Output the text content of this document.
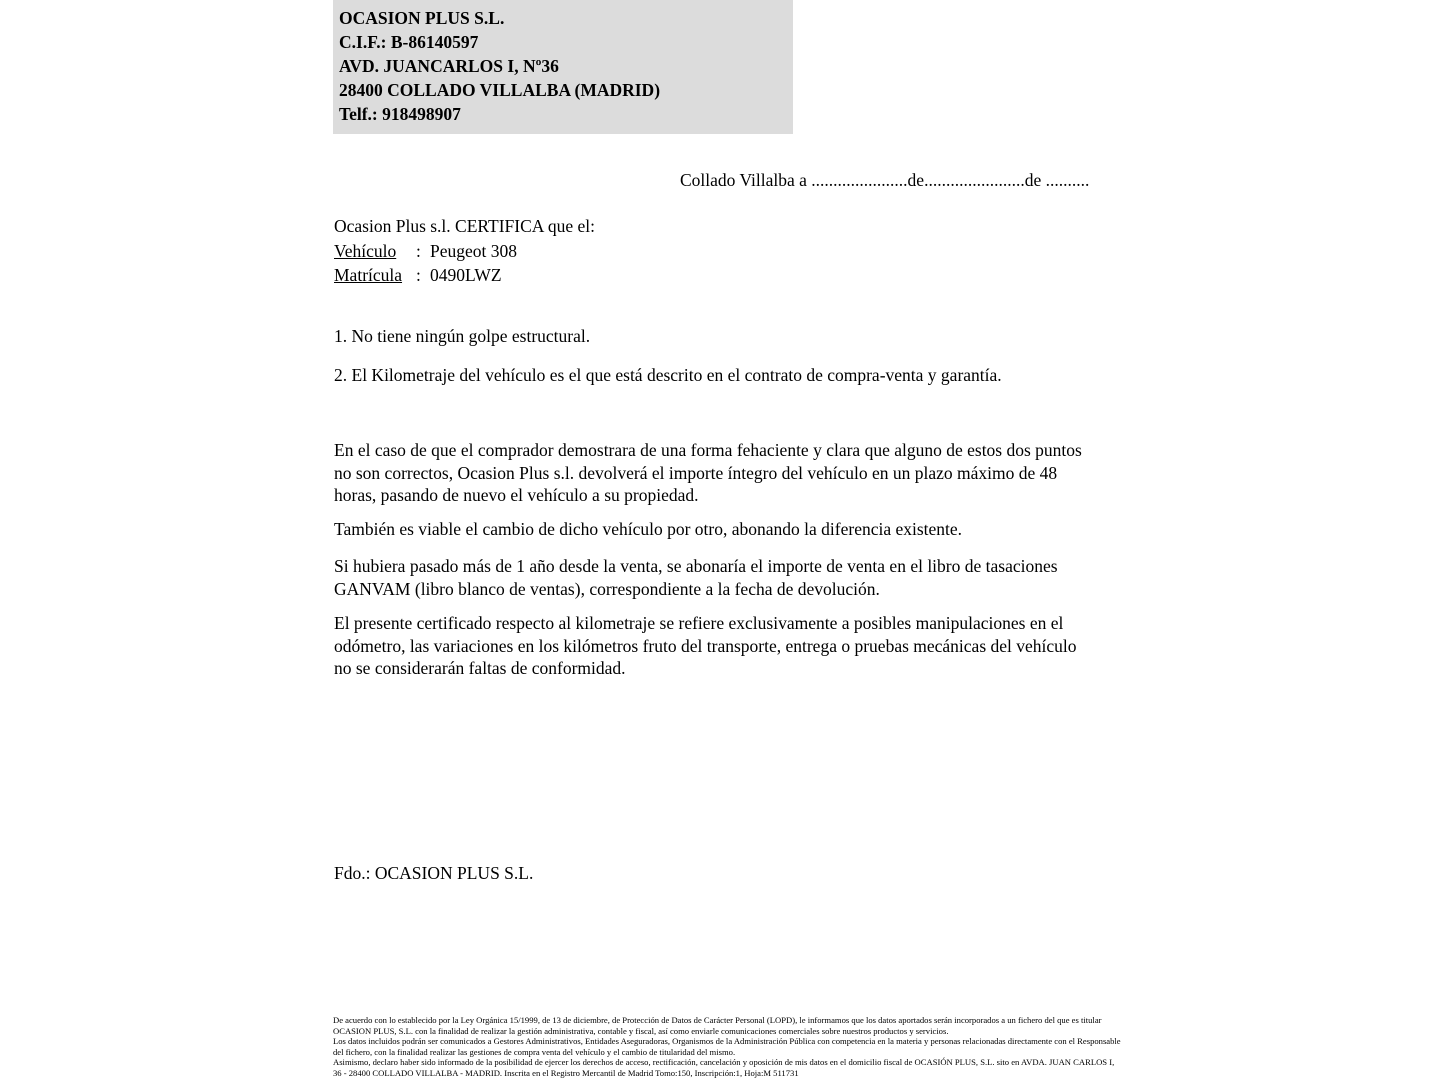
OCASION PLUS S.L.
C.I.F.: B-86140597
AVD. JUANCARLOS I, Nº36
28400 COLLADO VILLALBA (MADRID)
Telf.: 918498907
Collado Villalba a ......................de.......................de ..........
Ocasion Plus s.l. CERTIFICA que el:
Vehículo : Peugeot 308
Matrícula : 0490LWZ
1. No tiene ningún golpe estructural.
2. El Kilometraje del vehículo es el que está descrito en el contrato de compra-venta y garantía.
En el caso de que el comprador demostrara de una forma fehaciente y clara que alguno de estos dos puntos no son correctos, Ocasion Plus s.l. devolverá el importe íntegro del vehículo en un plazo máximo de 48 horas, pasando de nuevo el vehículo a su propiedad.
También es viable el cambio de dicho vehículo por otro, abonando la diferencia existente.
Si hubiera pasado más de 1 año desde la venta, se abonaría el importe de venta en el libro de tasaciones GANVAM (libro blanco de ventas), correspondiente a la fecha de devolución.
El presente certificado respecto al kilometraje se refiere exclusivamente a posibles manipulaciones en el odómetro, las variaciones en los kilómetros fruto del transporte, entrega o pruebas mecánicas del vehículo no se considerarán faltas de conformidad.
Fdo.: OCASION PLUS S.L.

De acuerdo con lo establecido por la Ley Orgánica 15/1999, de 13 de diciembre, de Protección de Datos de Carácter Personal (LOPD), le informamos que los datos aportados serán incorporados a un fichero del que es titular OCASION PLUS, S.L. con la finalidad de realizar la gestión administrativa, contable y fiscal, así como enviarle comunicaciones comerciales sobre nuestros productos y servicios.

Los datos incluidos podrán ser comunicados a Gestores Administrativos, Entidades Aseguradoras, Organismos de la Administración Pública con competencia en la materia y personas relacionadas directamente con el Responsable del fichero, con la finalidad realizar las gestiones de compra venta del vehículo y el cambio de titularidad del mismo.

Asimismo, declaro haber sido informado de la posibilidad de ejercer los derechos de acceso, rectificación, cancelación y oposición de mis datos en el domicilio fiscal de OCASIÓN PLUS, S.L. sito en AVDA. JUAN CARLOS I, 36 - 28400 COLLADO VILLALBA - MADRID. Inscrita en el Registro Mercantil de Madrid Tomo:150, Inscripción:1, Hoja:M 511731
